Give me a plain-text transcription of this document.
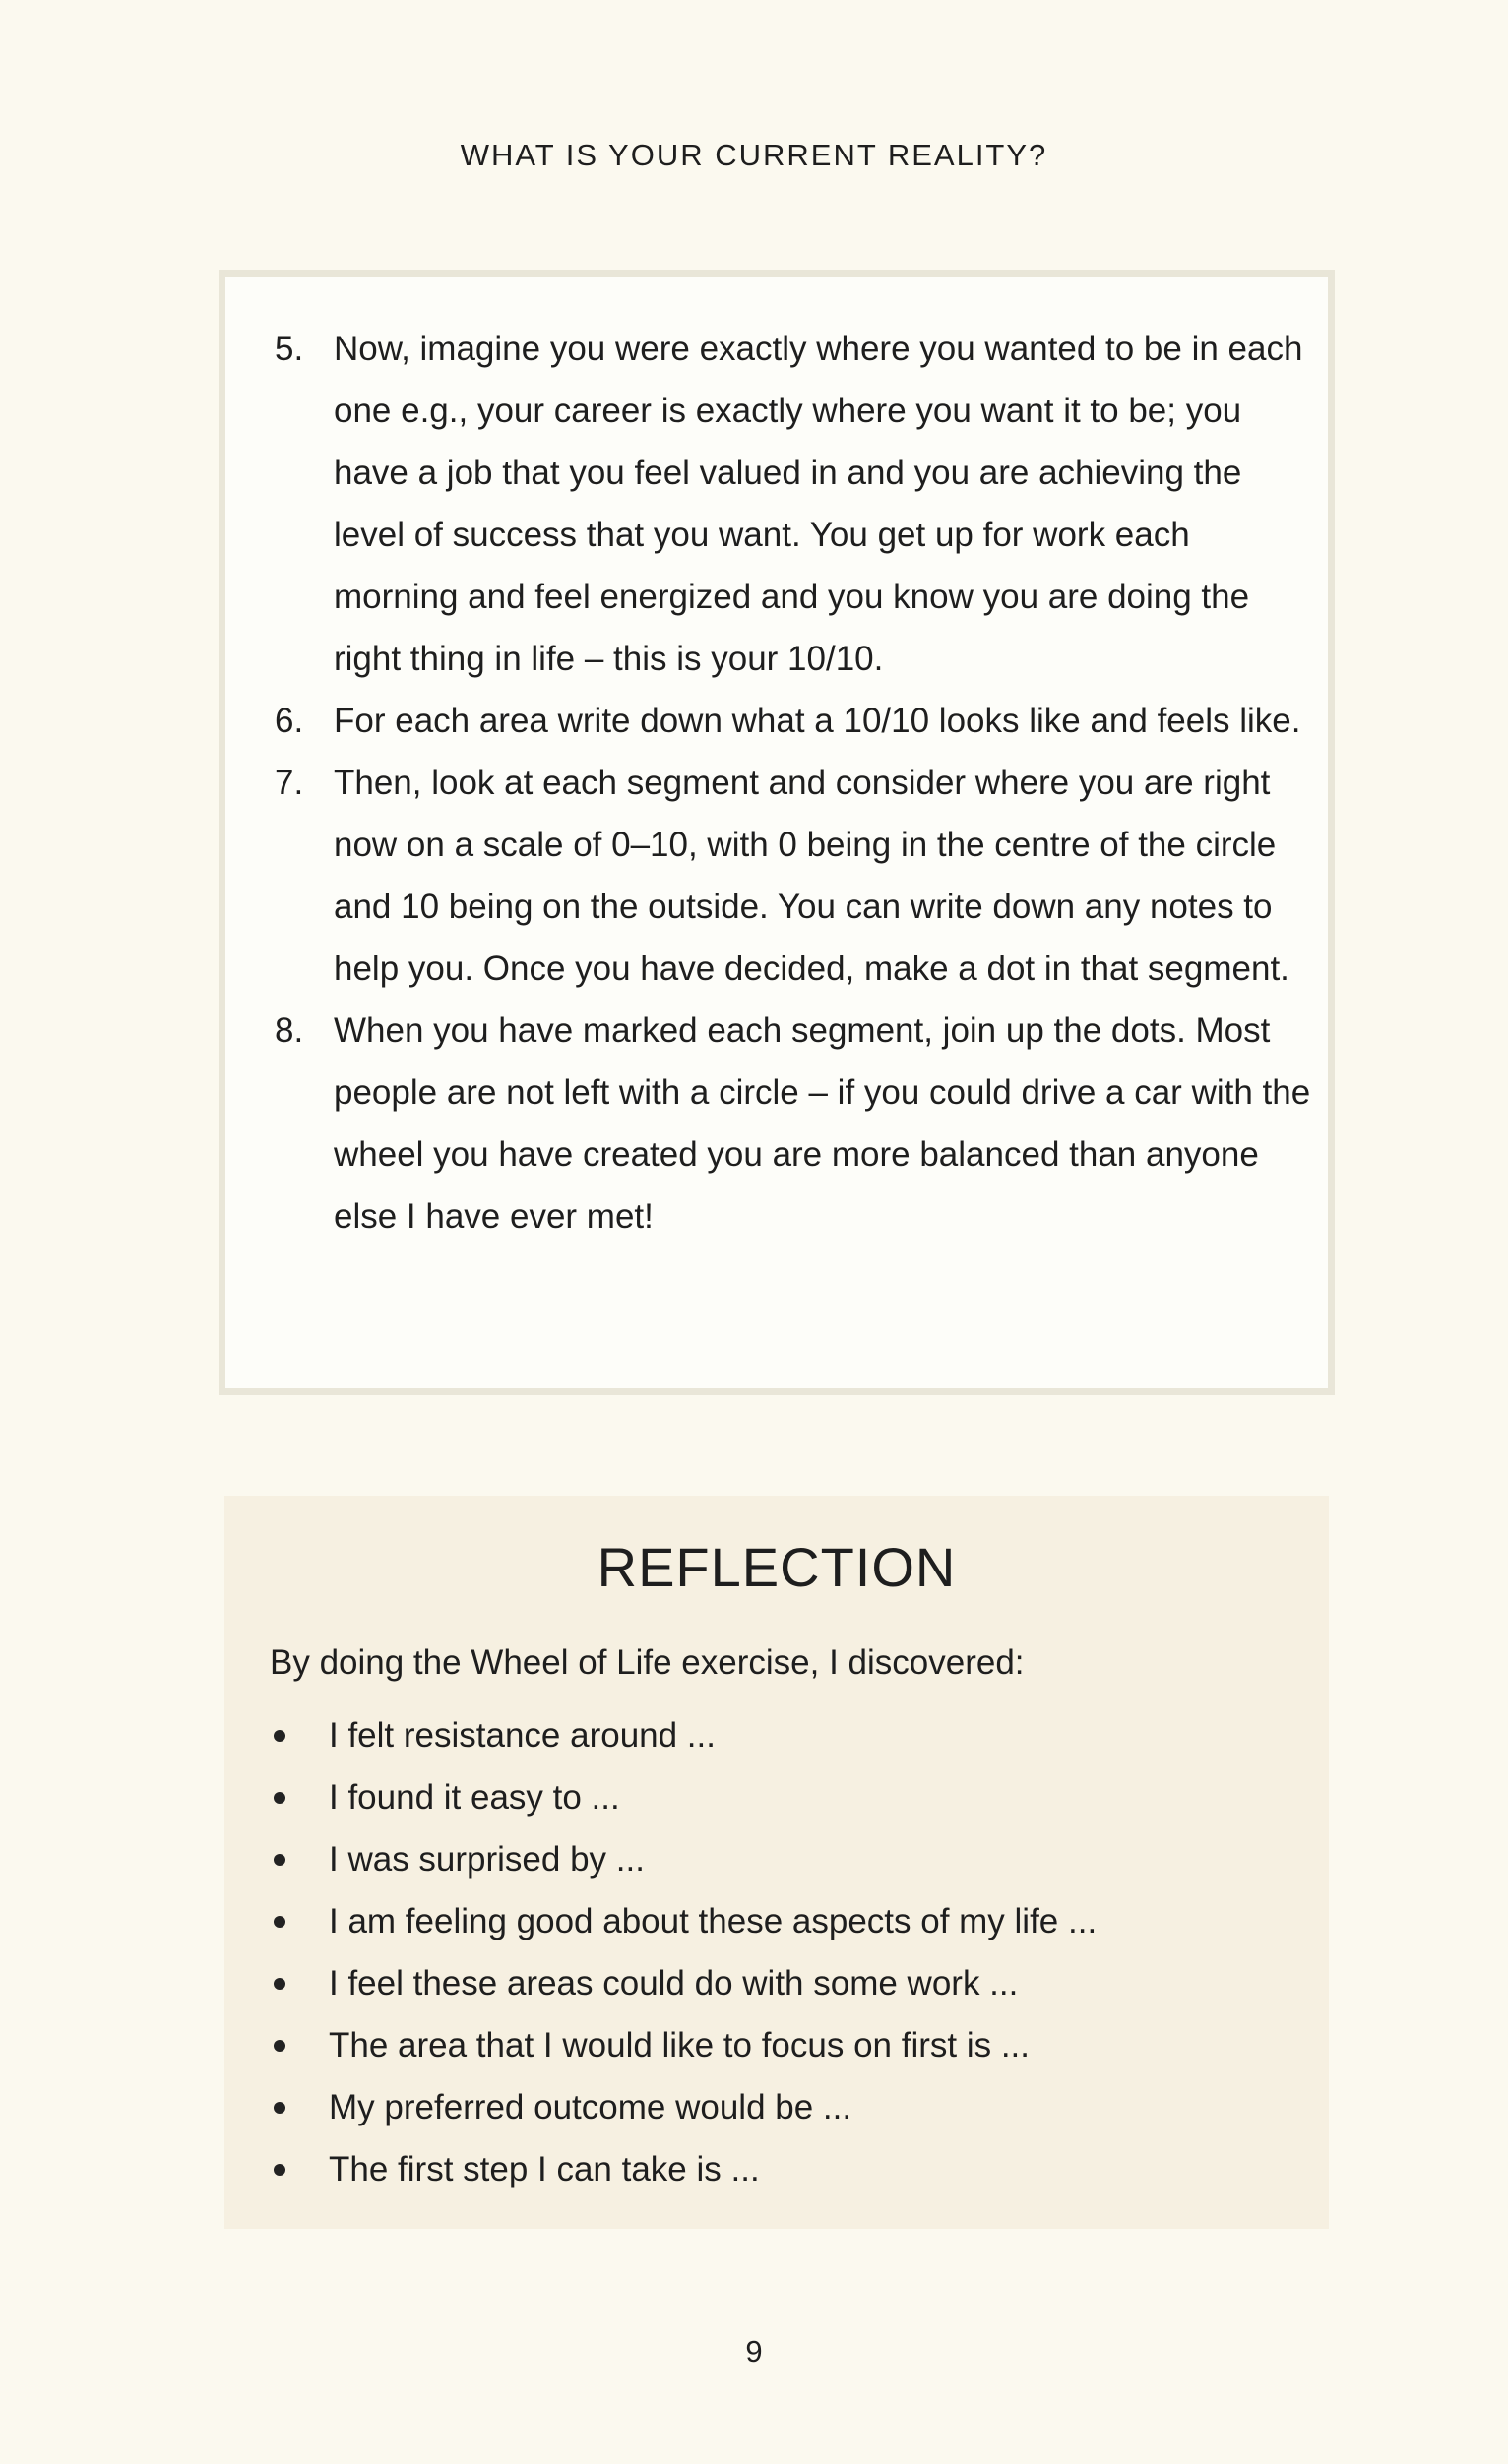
WHAT IS YOUR CURRENT REALITY?
5. Now, imagine you were exactly where you wanted to be in each one e.g., your career is exactly where you want it to be; you have a job that you feel valued in and you are achieving the level of success that you want. You get up for work each morning and feel energized and you know you are doing the right thing in life – this is your 10/10.
6. For each area write down what a 10/10 looks like and feels like.
7. Then, look at each segment and consider where you are right now on a scale of 0–10, with 0 being in the centre of the circle and 10 being on the outside. You can write down any notes to help you. Once you have decided, make a dot in that segment.
8. When you have marked each segment, join up the dots. Most people are not left with a circle – if you could drive a car with the wheel you have created you are more balanced than anyone else I have ever met!
REFLECTION
By doing the Wheel of Life exercise, I discovered:
I felt resistance around ...
I found it easy to ...
I was surprised by ...
I am feeling good about these aspects of my life ...
I feel these areas could do with some work ...
The area that I would like to focus on first is ...
My preferred outcome would be ...
The first step I can take is ...
9
